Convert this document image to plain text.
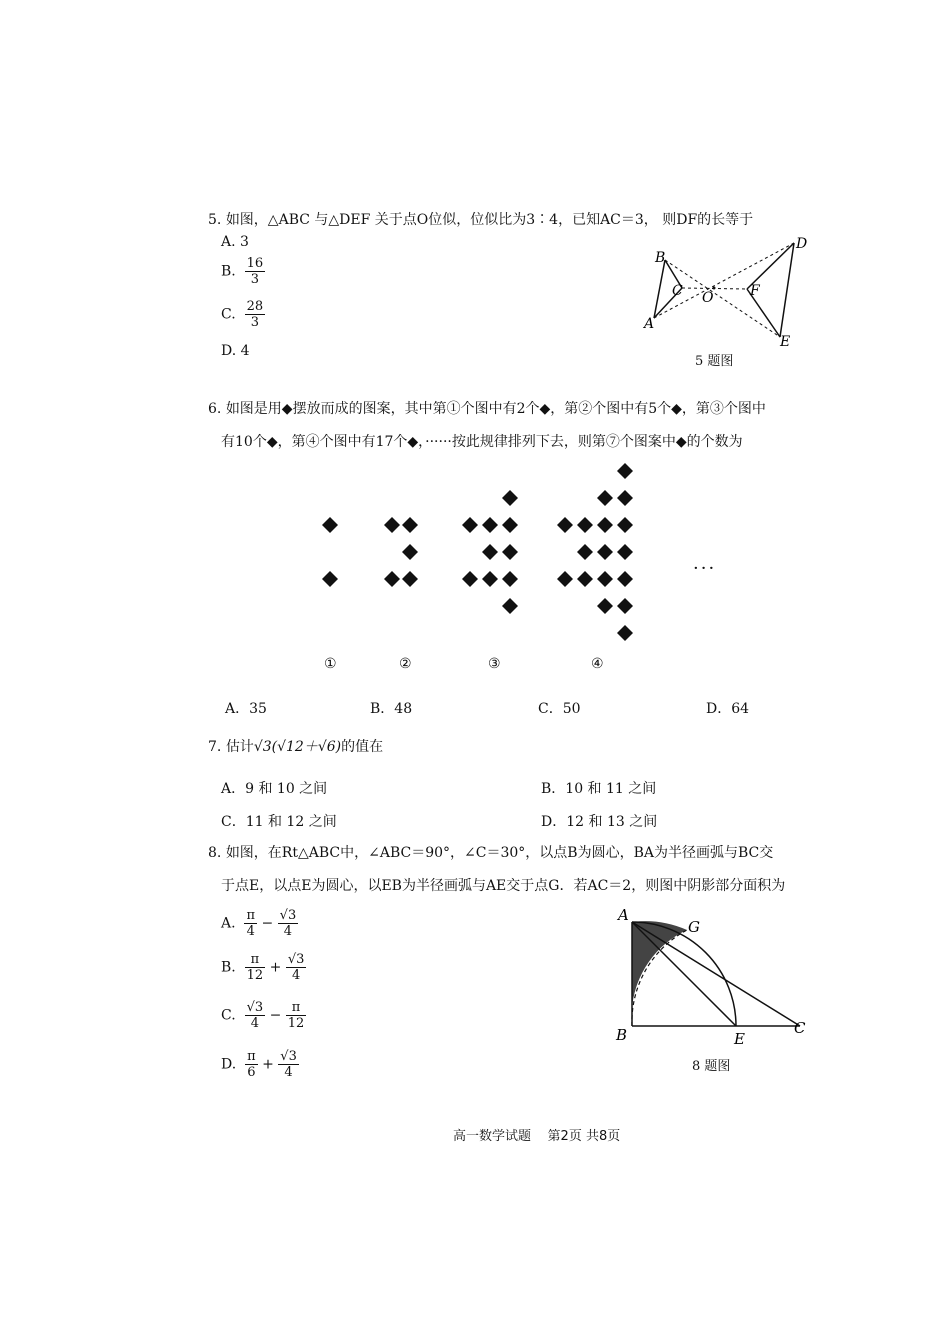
5. 如图，△ABC 与△DEF 关于点O位似，位似比为3∶4，已知AC＝3， 则DF的长等于
A. 3
B. $\frac{16}{3}$
C. $\frac{28}{3}$
D. 4
B
A
C O	F
D
E
5 题图
6. 如图是用◆摆放而成的图案，其中第①个图中有2个◆，第②个图中有5个◆，第③个图中
有10个◆，第④个图中有17个◆，······按此规律排列下去，则第⑦个图案中◆的个数为
···
①	②	③	④
A．35	B．48	C．50	D．64
7. 估计√3(√12＋√6)的值在
A．9 和 10 之间	B．10 和 11 之间
C．11 和 12 之间	D．12 和 13 之间
8. 如图，在Rt△ABC中，∠ABC＝90°，∠C＝30°，以点B为圆心，BA为半径画弧与BC交
于点E，以点E为圆心，以EB为半径画弧与AE交于点G．若AC＝2，则图中阴影部分面积为
A. $\frac{\pi}{4} - \frac{√3}{4}$
B. $\frac{\pi}{12} + \frac{√3}{4}$
C. $\frac{√3}{4} - \frac{\pi}{12}$
D. $\frac{\pi}{6} + \frac{√3}{4}$
A
G
B	E
C
8 题图
高一数学试题 第2页 共8页
